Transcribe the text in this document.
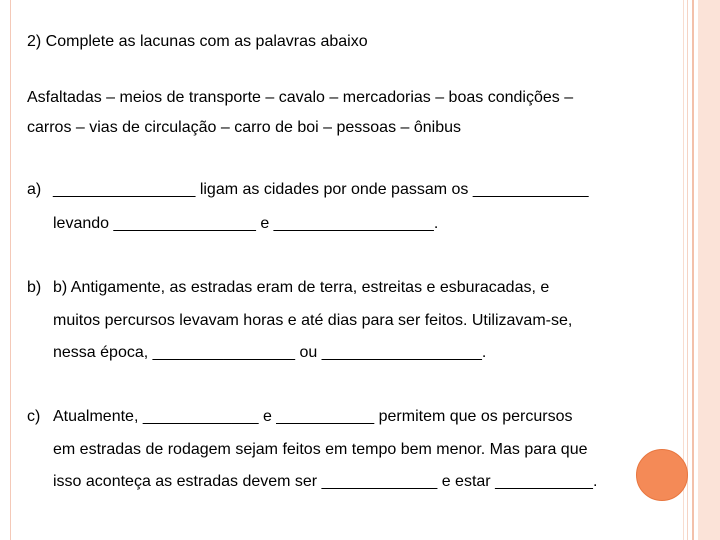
2) Complete as lacunas com as palavras abaixo
Asfaltadas – meios de transporte – cavalo – mercadorias – boas condições –
carros – vias de circulação – carro de boi – pessoas – ônibus
a) ________________ ligam as cidades por onde passam os _____________
levando ________________ e __________________.
b) b) Antigamente, as estradas eram de terra, estreitas e esburacadas, e
muitos percursos levavam horas e até dias para ser feitos. Utilizavam-se,
nessa época, ________________ ou __________________.
c) Atualmente, _____________ e ___________ permitem que os percursos
em estradas de rodagem sejam feitos em tempo bem menor. Mas para que
isso aconteça as estradas devem ser _____________ e estar ___________.
